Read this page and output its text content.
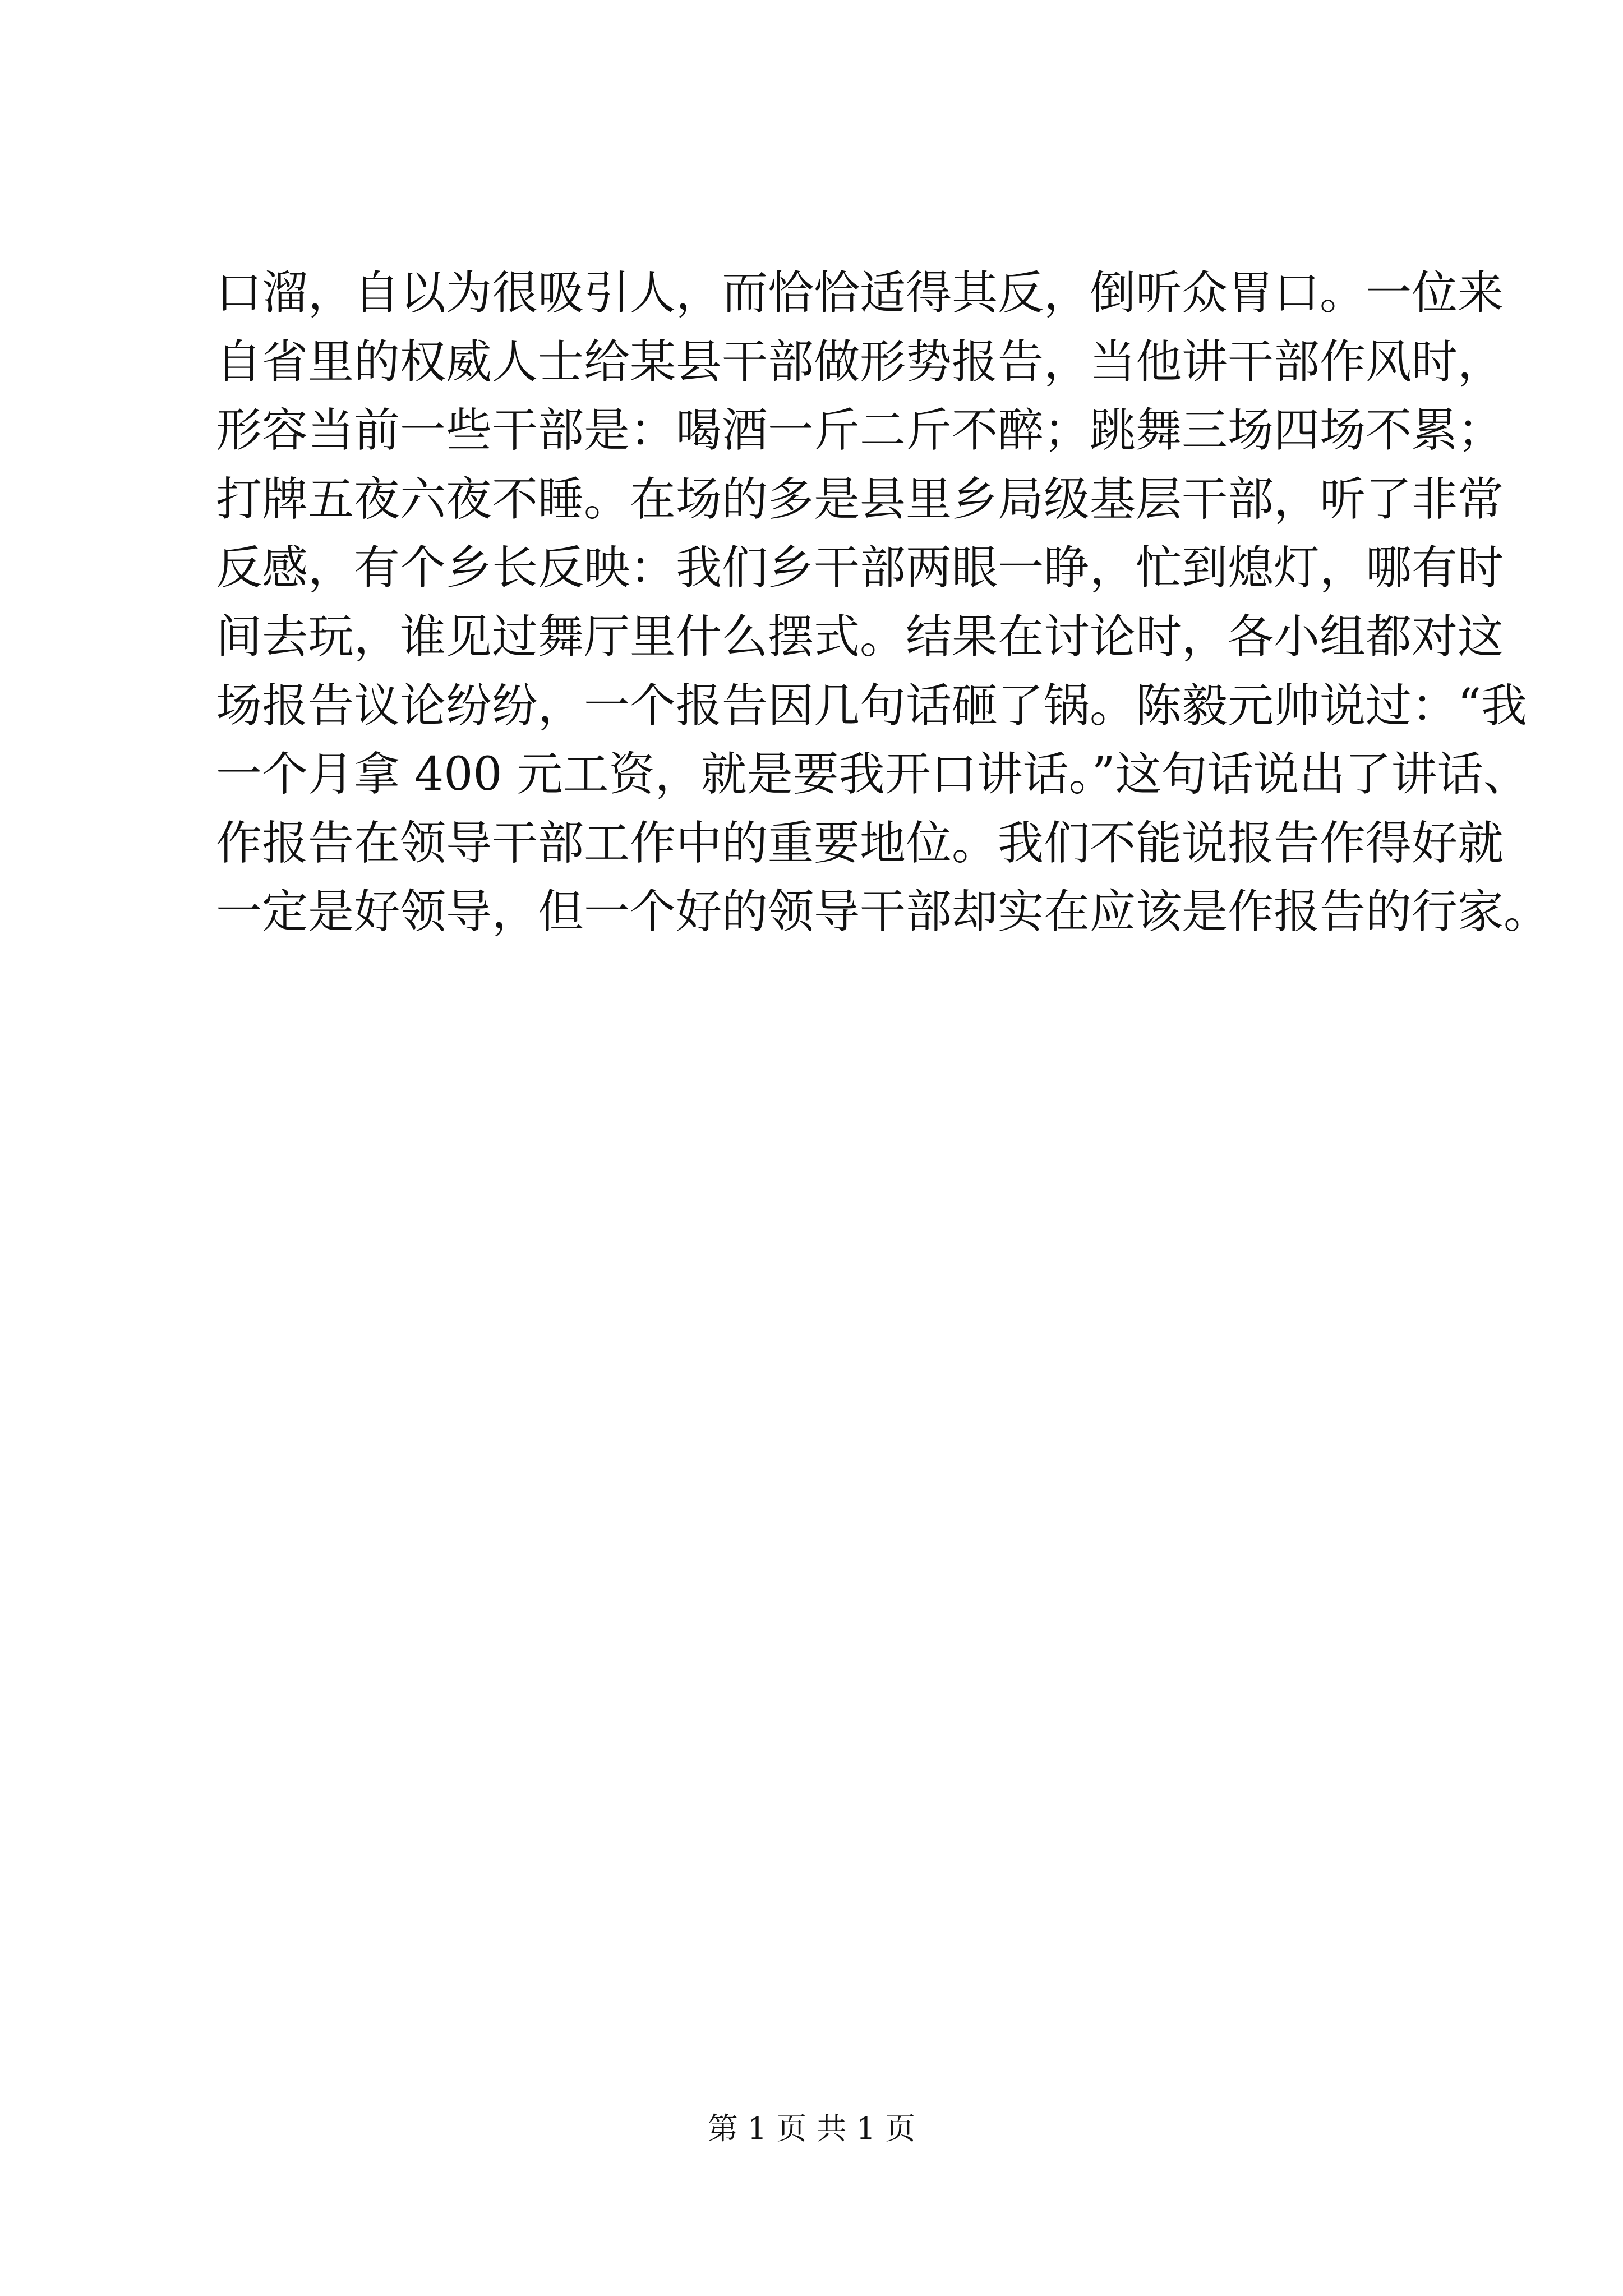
口溜，自以为很吸引人，而恰恰适得其反，倒听众胃口。一位来
自省里的权威人士给某县干部做形势报告，当他讲干部作风时，
形容当前一些干部是：喝酒一斤二斤不醉；跳舞三场四场不累；
打牌五夜六夜不睡。在场的多是县里乡局级基层干部，听了非常
反感，有个乡长反映：我们乡干部两眼一睁，忙到熄灯，哪有时
间去玩，谁见过舞厅里什么摆式。结果在讨论时，各小组都对这
场报告议论纷纷，一个报告因几句话砸了锅。陈毅元帅说过：“我
一个月拿 400 元工资，就是要我开口讲话。”这句话说出了讲话、
作报告在领导干部工作中的重要地位。我们不能说报告作得好就
一定是好领导，但一个好的领导干部却实在应该是作报告的行家。
第 1 页 共 1 页
